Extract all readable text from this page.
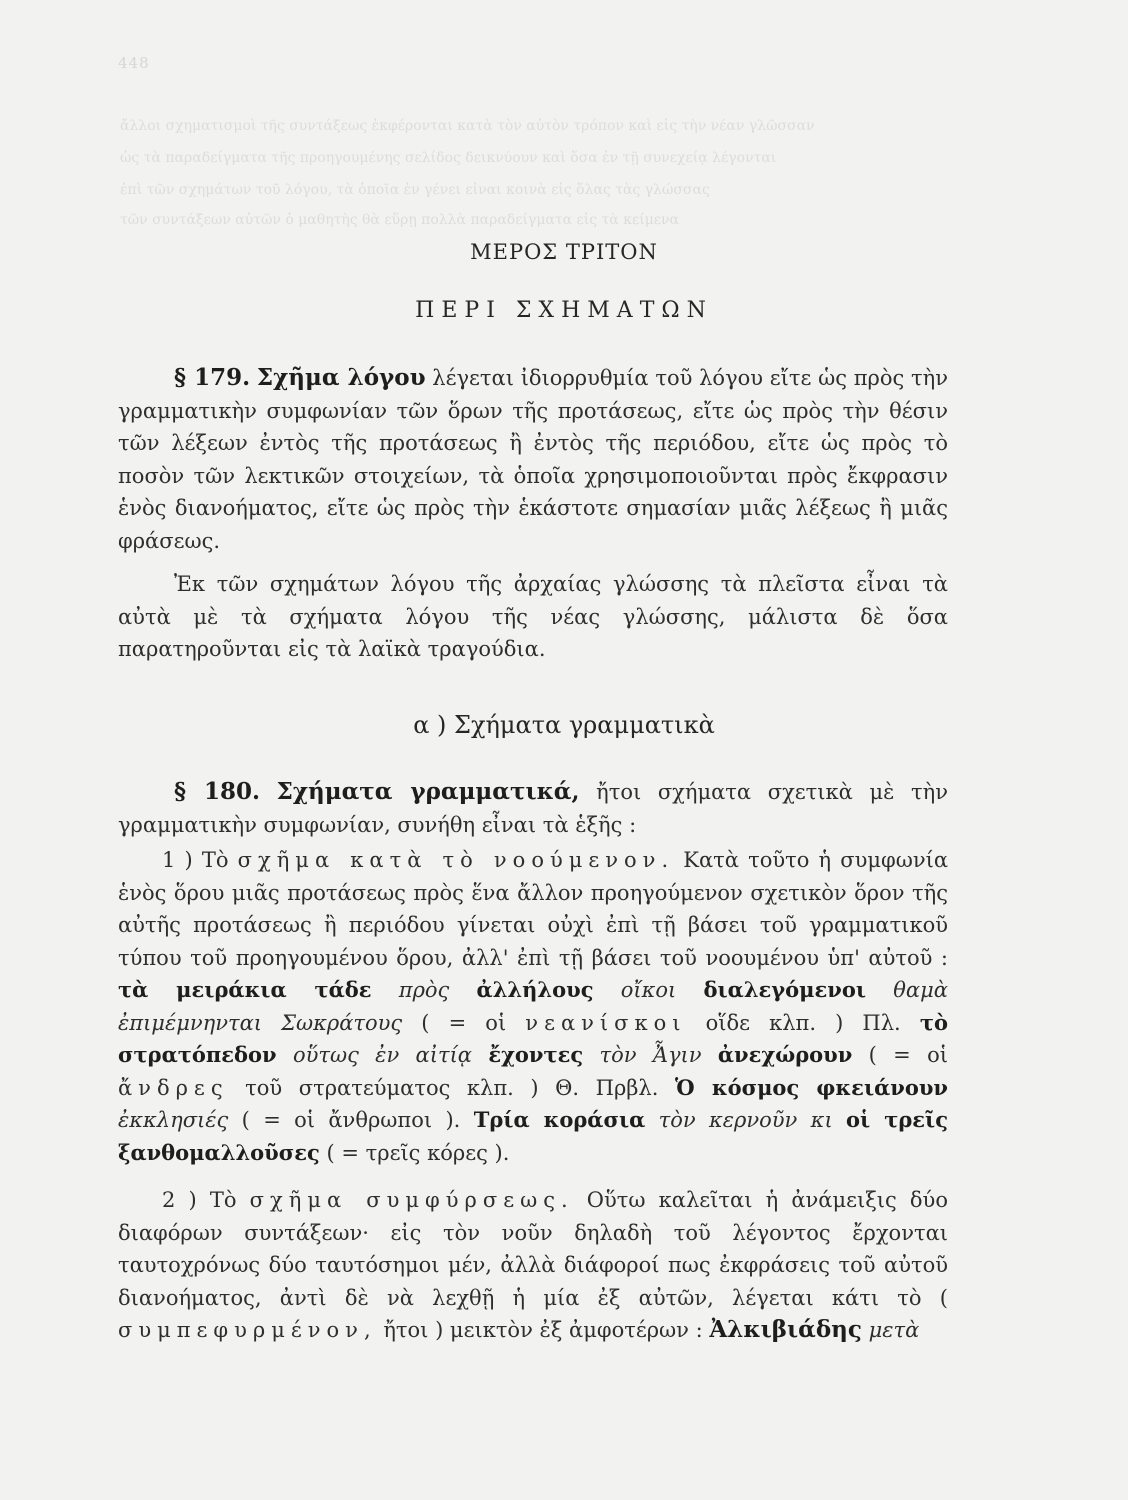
448
ἄλλοι σχηματισμοὶ τῆς συντάξεως ἐκφέρονται κατὰ τὸν αὐτὸν τρόπον καὶ εἰς τὴν νέαν γλῶσσαν
ὡς τὰ παραδείγματα τῆς προηγουμένης σελίδος δεικνύουν καὶ ὅσα ἐν τῇ συνεχείᾳ λέγονται
ἐπὶ τῶν σχημάτων τοῦ λόγου, τὰ ὁποῖα ἐν γένει εἶναι κοινὰ εἰς ὅλας τὰς γλώσσας
τῶν συντάξεων αὐτῶν ὁ μαθητὴς θὰ εὕρῃ πολλὰ παραδείγματα εἰς τὰ κείμενα
ΜΕΡΟΣ ΤΡΙΤΟΝ
ΠΕΡΙ ΣΧΗΜΑΤΩΝ
§ 179. Σχῆμα λόγου λέγεται ἰδιορρυθμία τοῦ λόγου εἴτε ὡς πρὸς τὴν γραμματικὴν συμφωνίαν τῶν ὅρων τῆς προτάσεως, εἴτε ὡς πρὸς τὴν θέσιν τῶν λέξεων ἐντὸς τῆς προτάσεως ἢ ἐντὸς τῆς περιόδου, εἴτε ὡς πρὸς τὸ ποσὸν τῶν λεκτικῶν στοιχείων, τὰ ὁποῖα χρησιμοποιοῦνται πρὸς ἔκφρασιν ἑνὸς διανοήματος, εἴτε ὡς πρὸς τὴν ἑκάστοτε σημασίαν μιᾶς λέξεως ἢ μιᾶς φράσεως.
Ἐκ τῶν σχημάτων λόγου τῆς ἀρχαίας γλώσσης τὰ πλεῖστα εἶναι τὰ αὐτὰ μὲ τὰ σχήματα λόγου τῆς νέας γλώσσης, μάλιστα δὲ ὅσα παρατηροῦνται εἰς τὰ λαϊκὰ τραγούδια.
α ) Σχήματα γραμματικὰ
§ 180. Σχήματα γραμματικά, ἤτοι σχήματα σχετικὰ μὲ τὴν γραμματικὴν συμφωνίαν, συνήθη εἶναι τὰ ἑξῆς :
1 ) Τὸ σχῆμα κατὰ τὸ νοούμενον. Κατὰ τοῦτο ἡ συμφωνία ἑνὸς ὅρου μιᾶς προτάσεως πρὸς ἕνα ἄλλον προηγούμενον σχετικὸν ὅρον τῆς αὐτῆς προτάσεως ἢ περιόδου γίνεται οὐχὶ ἐπὶ τῇ βάσει τοῦ γραμματικοῦ τύπου τοῦ προηγουμένου ὅρου, ἀλλ' ἐπὶ τῇ βάσει τοῦ νοουμένου ὑπ' αὐτοῦ : τὰ μειράκια τάδε πρὸς ἀλλήλους οἴκοι διαλεγόμενοι θαμὰ ἐπιμέμνηνται Σωκράτους ( = οἱ νεανίσκοι οἵδε κλπ. ) Πλ. τὸ στρατόπεδον οὕτως ἐν αἰτίᾳ ἔχοντες τὸν Ἆγιν ἀνεχώρουν ( = οἱ ἄνδρες τοῦ στρατεύματος κλπ. ) Θ. Πρβλ. Ὁ κόσμος φκειάνουν ἐκκλησιές ( = οἱ ἄνθρωποι ). Τρία κοράσια τὸν κερνοῦν κι οἱ τρεῖς ξανθομαλλοῦσες ( = τρεῖς κόρες ).
2 ) Τὸ σχῆμα συμφύρσεως. Οὕτω καλεῖται ἡ ἀνάμειξις δύο διαφόρων συντάξεων· εἰς τὸν νοῦν δηλαδὴ τοῦ λέγοντος ἔρχονται ταυτοχρόνως δύο ταυτόσημοι μέν, ἀλλὰ διάφοροί πως ἐκφράσεις τοῦ αὐτοῦ διανοήματος, ἀντὶ δὲ νὰ λεχθῇ ἡ μία ἐξ αὐτῶν, λέγεται κάτι τὸ ( συμπεφυρμένον, ἤτοι ) μεικτὸν ἐξ ἀμφοτέρων : Ἀλκιβιάδης μετὰ
